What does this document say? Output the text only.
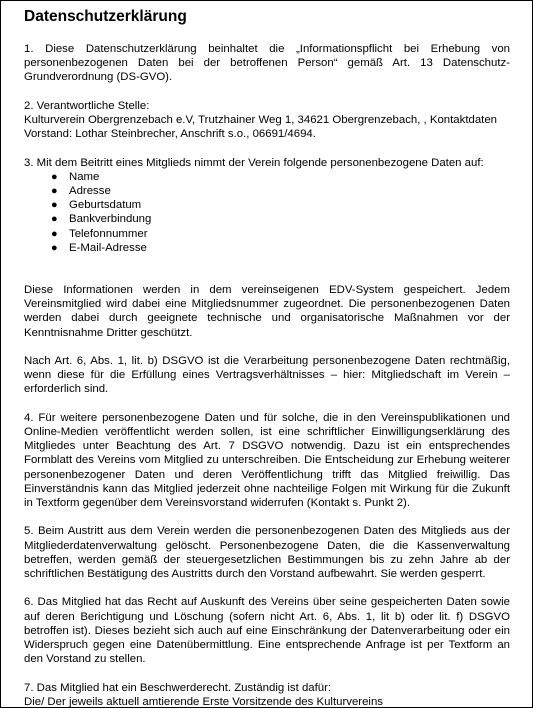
Datenschutzerklärung

1. Diese Datenschutzerklärung beinhaltet die „Informationspflicht bei Erhebung von personenbezogenen Daten bei der betroffenen Person“ gemäß Art. 13 Datenschutz-Grundverordnung (DS-GVO).

2. Verantwortliche Stelle:
Kulturverein Obergrenzebach e.V, Trutzhainer Weg 1, 34621 Obergrenzebach, , Kontaktdaten Vorstand: Lothar Steinbrecher, Anschrift s.o., 06691/4694.

3. Mit dem Beitritt eines Mitglieds nimmt der Verein folgende personenbezogene Daten auf:

● Name
● Adresse
● Geburtsdatum
● Bankverbindung
● Telefonnummer
● E-Mail-Adresse

Diese Informationen werden in dem vereinseigenen EDV-System gespeichert. Jedem Vereinsmitglied wird dabei eine Mitgliedsnummer zugeordnet. Die personenbezogenen Daten werden dabei durch geeignete technische und organisatorische Maßnahmen vor der Kenntnisnahme Dritter geschützt.

Nach Art. 6, Abs. 1, lit. b) DSGVO ist die Verarbeitung personenbezogene Daten rechtmäßig, wenn diese für die Erfüllung eines Vertragsverhältnisses – hier: Mitgliedschaft im Verein – erforderlich sind.

4. Für weitere personenbezogene Daten und für solche, die in den Vereinspublikationen und Online-Medien veröffentlicht werden sollen, ist eine schriftlicher Einwilligungserklärung des Mitgliedes unter Beachtung des Art. 7 DSGVO notwendig. Dazu ist ein entsprechendes Formblatt des Vereins vom Mitglied zu unterschreiben. Die Entscheidung zur Erhebung weiterer personenbezogener Daten und deren Veröffentlichung trifft das Mitglied freiwillig. Das Einverständnis kann das Mitglied jederzeit ohne nachteilige Folgen mit Wirkung für die Zukunft in Textform gegenüber dem Vereinsvorstand widerrufen (Kontakt s. Punkt 2).

5. Beim Austritt aus dem Verein werden die personenbezogenen Daten des Mitglieds aus der Mitgliederdatenverwaltung gelöscht. Personenbezogene Daten, die die Kassenverwaltung betreffen, werden gemäß der steuergesetzlichen Bestimmungen bis zu zehn Jahre ab der schriftlichen Bestätigung des Austritts durch den Vorstand aufbewahrt. Sie werden gesperrt.

6. Das Mitglied hat das Recht auf Auskunft des Vereins über seine gespeicherten Daten sowie auf deren Berichtigung und Löschung (sofern nicht Art. 6, Abs. 1, lit b) oder lit. f) DSGVO betroffen ist). Dieses bezieht sich auch auf eine Einschränkung der Datenverarbeitung oder ein Widerspruch gegen eine Datenübermittlung. Eine entsprechende Anfrage ist per Textform an den Vorstand zu stellen.

7. Das Mitglied hat ein Beschwerderecht. Zuständig ist dafür:
Die/ Der jeweils aktuell amtierende Erste Vorsitzende des Kulturvereins
